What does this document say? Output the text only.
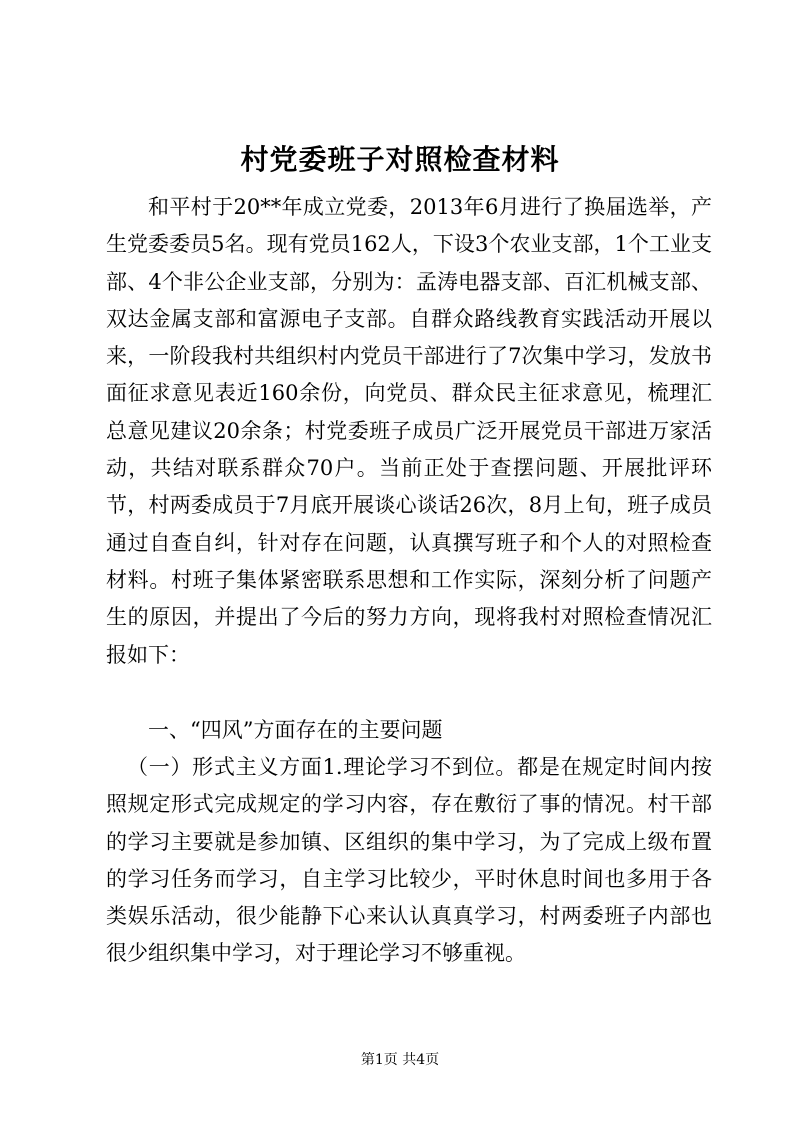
村党委班子对照检查材料

和平村于20**年成立党委，2013年6月进行了换届选举，产生党委委员5名。现有党员162人，下设3个农业支部，1个工业支部、4个非公企业支部，分别为：孟涛电器支部、百汇机械支部、双达金属支部和富源电子支部。自群众路线教育实践活动开展以来，一阶段我村共组织村内党员干部进行了7次集中学习，发放书面征求意见表近160余份，向党员、群众民主征求意见，梳理汇总意见建议20余条；村党委班子成员广泛开展党员干部进万家活动，共结对联系群众70户。当前正处于查摆问题、开展批评环节，村两委成员于7月底开展谈心谈话26次，8月上旬，班子成员通过自查自纠，针对存在问题，认真撰写班子和个人的对照检查材料。村班子集体紧密联系思想和工作实际，深刻分析了问题产生的原因，并提出了今后的努力方向，现将我村对照检查情况汇报如下：

一、“四风”方面存在的主要问题

（一）形式主义方面1.理论学习不到位。都是在规定时间内按照规定形式完成规定的学习内容，存在敷衍了事的情况。村干部的学习主要就是参加镇、区组织的集中学习，为了完成上级布置的学习任务而学习，自主学习比较少，平时休息时间也多用于各类娱乐活动，很少能静下心来认认真真学习，村两委班子内部也很少组织集中学习，对于理论学习不够重视。

第1页 共4页
